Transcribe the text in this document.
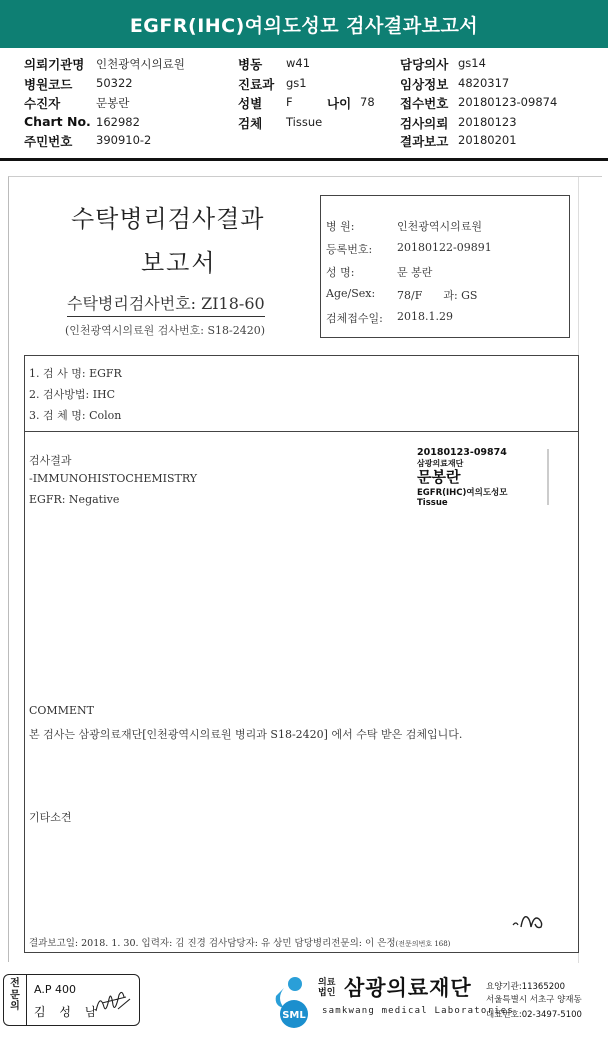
EGFR(IHC)여의도성모 검사결과보고서
의뢰기관명 인천광역시의료원
병원코드 50322
수진자	문봉란
Chart No. 162982
주민번호 390910-2
병동 w41
진료과 gs1
성별 F	나이 78
검체 Tissue
담당의사 gs14
임상정보 4820317
접수번호 20180123-09874
검사의뢰 20180123
결과보고 20180201
수탁병리검사결과
보고서
수탁병리검사번호: ZI18-60
(인천광역시의료원 검사번호: S18-2420)
병 원:	인천광역시의료원
등록번호: 20180122-09891
성 명:	문 봉란
Age/Sex: 78/F      과: GS
검체접수일: 2018.1.29
1. 검 사 명: EGFR
2. 검사방법: IHC
3. 검 체 명: Colon
검사결과
-IMMUNOHISTOCHEMISTRY
EGFR: Negative
20180123-09874
삼광의료재단
문봉란
EGFR(IHC)여의도성모
Tissue
COMMENT
본 검사는 삼광의료재단[인천광역시의료원 병리과 S18-2420] 에서 수탁 받은 검체입니다.
기타소견
결과보고일: 2018. 1. 30. 입력자: 김 진경 검사담당자: 유 상민 담당병리전문의: 이 은정(전문의번호 168)
전문의
A.P 400
김 성 남	SML
의료
법인 삼광의료재단
samkwang medical Laboratories
요양기관:11365200
서울특별시 서초구 양재동
대표번호:02-3497-5100
